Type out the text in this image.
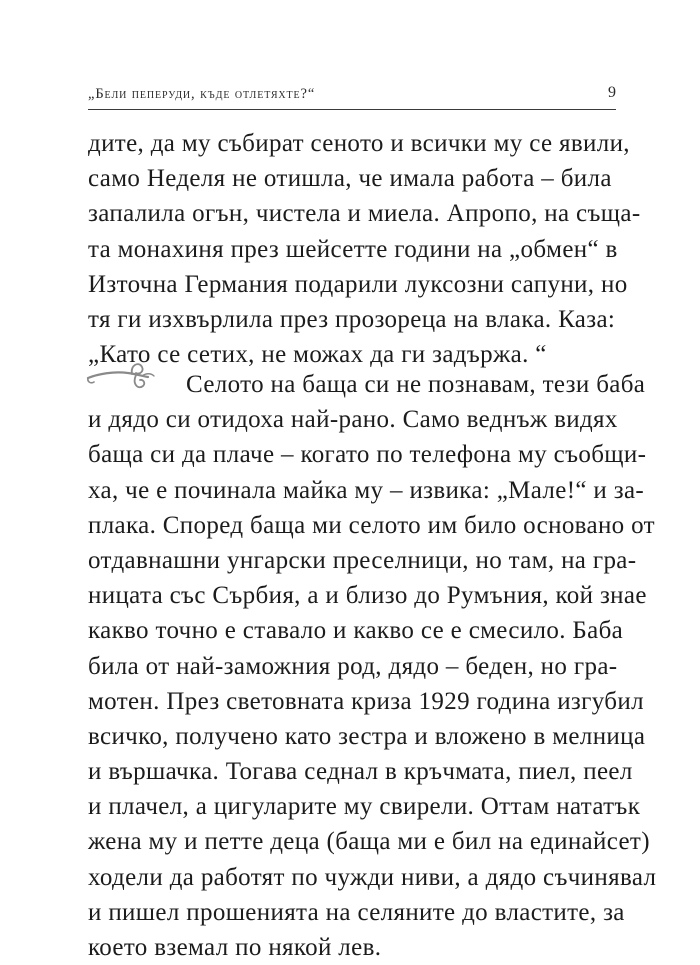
„Бели пеперуди, къде отлетяхте?“	9
дите, да му събират сеното и всички му се явили,
само Неделя не отишла, че имала работа – била
запалила огън, чистела и миела. Апропо, на съща-
та монахиня през шейсетте години на „обмен“ в
Източна Германия подарили луксозни сапуни, но
тя ги изхвърлила през прозореца на влака. Каза:
„Като се сетих, не можах да ги задържа. “
Селото на баща си не познавам, тези баба
и дядо си отидоха най-рано. Само веднъж видях
баща си да плаче – когато по телефона му съобщи-
ха, че е починала майка му – извика: „Мале!“ и за-
плака. Според баща ми селото им било основано от
отдавнашни унгарски преселници, но там, на гра-
ницата със Сърбия, а и близо до Румъния, кой знае
какво точно е ставало и какво се е смесило. Баба
била от най-заможния род, дядо – беден, но гра-
мотен. През световната криза 1929 година изгубил
всичко, получено като зестра и вложено в мелница
и вършачка. Тогава седнал в кръчмата, пиел, пеел
и плачел, а цигуларите му свирели. Оттам нататък
жена му и петте деца (баща ми е бил на единайсет)
ходели да работят по чужди ниви, а дядо съчинявал
и пишел прошенията на селяните до властите, за
което вземал по някой лев.
